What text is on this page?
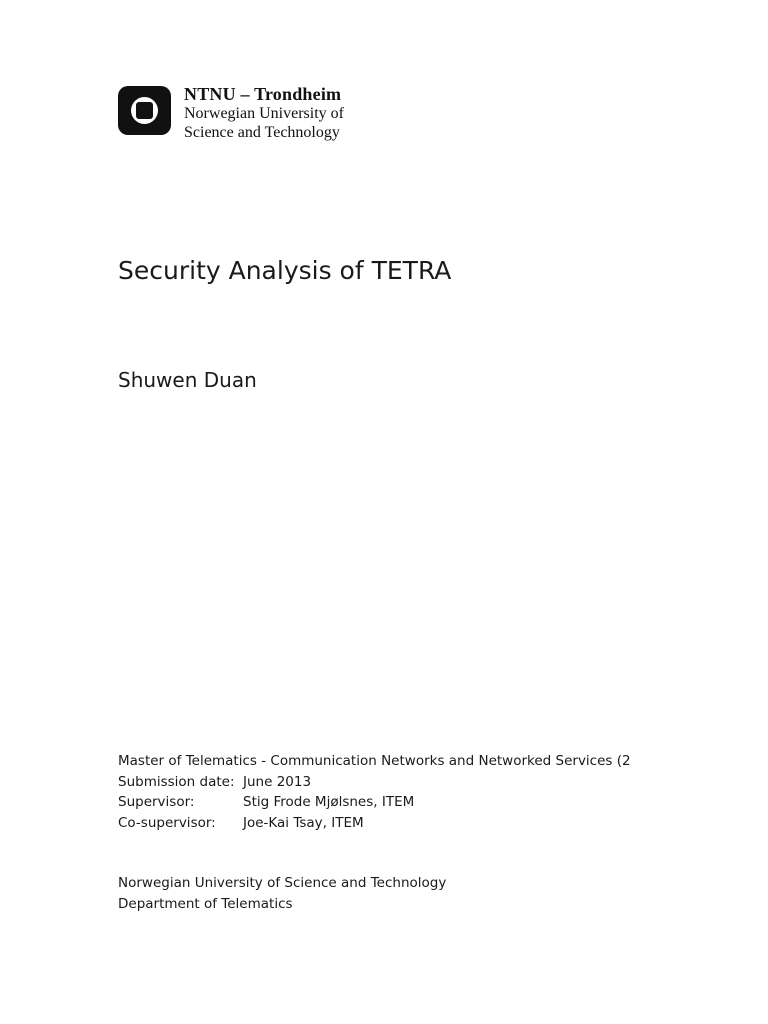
NTNU – Trondheim
Norwegian University of
Science and Technology
Security Analysis of TETRA
Shuwen Duan
Master of Telematics - Communication Networks and Networked Services (2
Submission date: June 2013
Supervisor:	Stig Frode Mjølsnes, ITEM
Co-supervisor: Joe-Kai Tsay, ITEM
Norwegian University of Science and Technology
Department of Telematics
